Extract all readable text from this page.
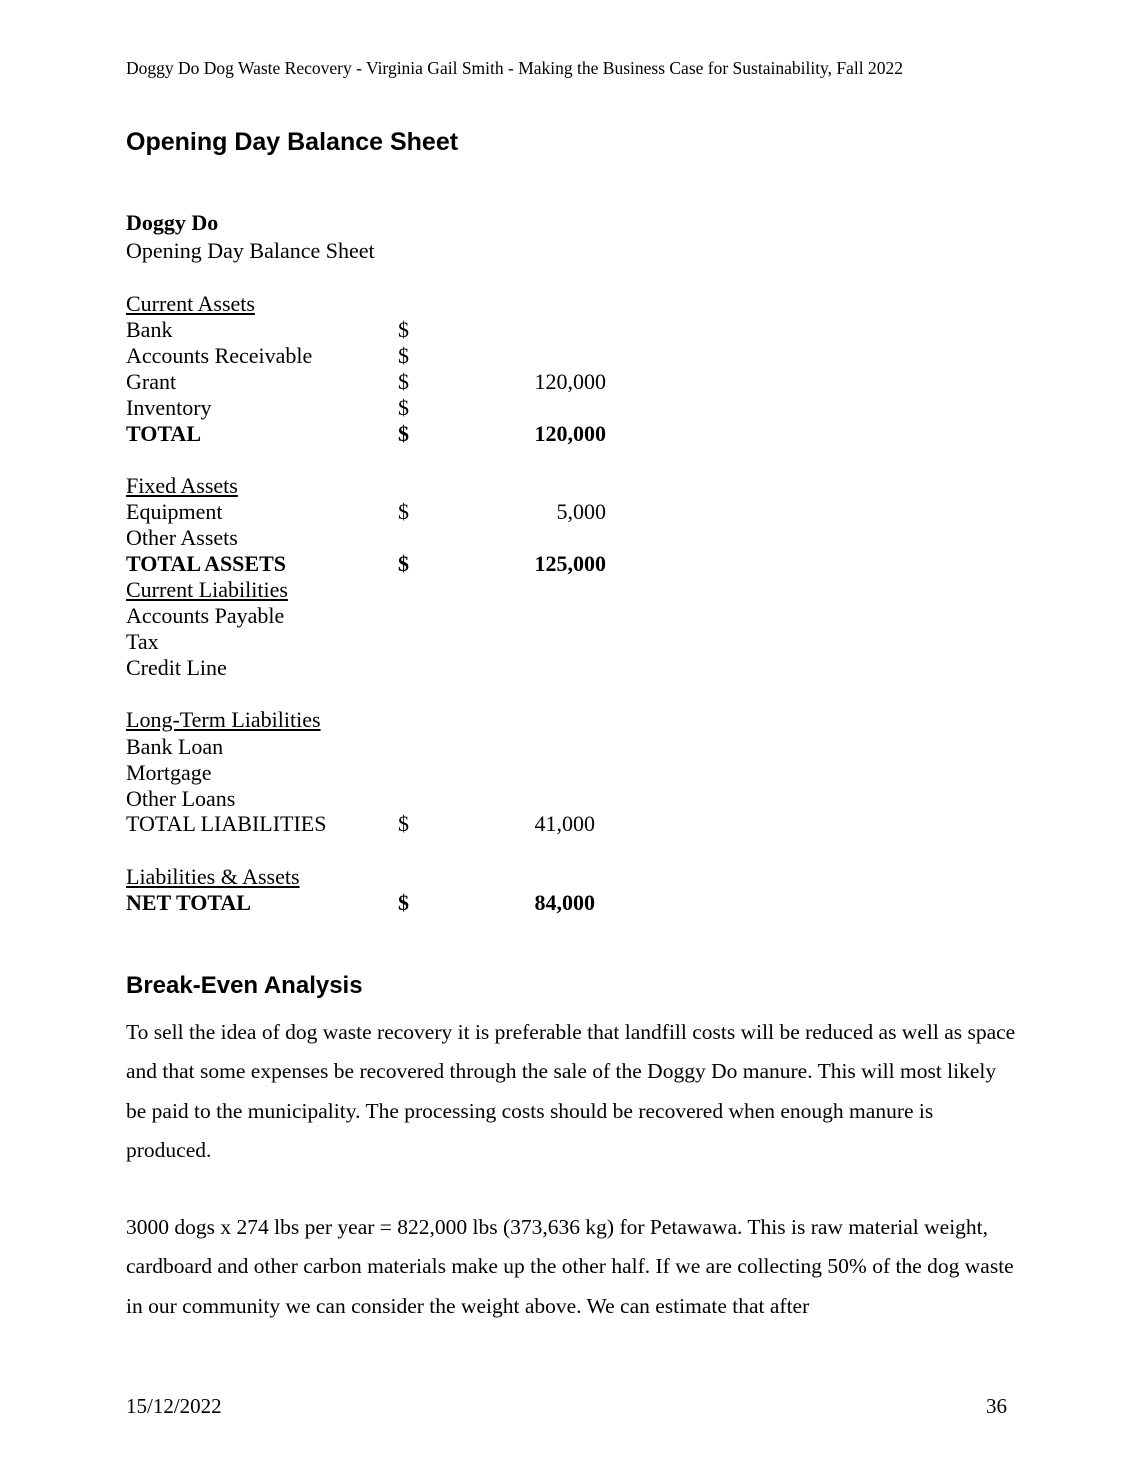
Doggy Do Dog Waste Recovery - Virginia Gail Smith - Making the Business Case for Sustainability, Fall 2022
Opening Day Balance Sheet
Doggy Do
Opening Day Balance Sheet
Current Assets
Bank	$
Accounts Receivable	$
Grant	$	120,000
Inventory	$
TOTAL	$	120,000
Fixed Assets
Equipment	$	5,000
Other Assets
TOTAL ASSETS	$	125,000
Current Liabilities
Accounts Payable
Tax
Credit Line
Long-Term Liabilities
Bank Loan
Mortgage
Other Loans
TOTAL LIABILITIES	$	41,000
Liabilities & Assets
NET TOTAL	$	84,000
Break-Even Analysis
To sell the idea of dog waste recovery it is preferable that landfill costs will be reduced as well as space and that some expenses be recovered through the sale of the Doggy Do manure. This will most likely be paid to the municipality. The processing costs should be recovered when enough manure is produced.
3000 dogs x 274 lbs per year = 822,000 lbs (373,636 kg) for Petawawa. This is raw material weight, cardboard and other carbon materials make up the other half. If we are collecting 50% of the dog waste in our community we can consider the weight above. We can estimate that after
15/12/2022	36
